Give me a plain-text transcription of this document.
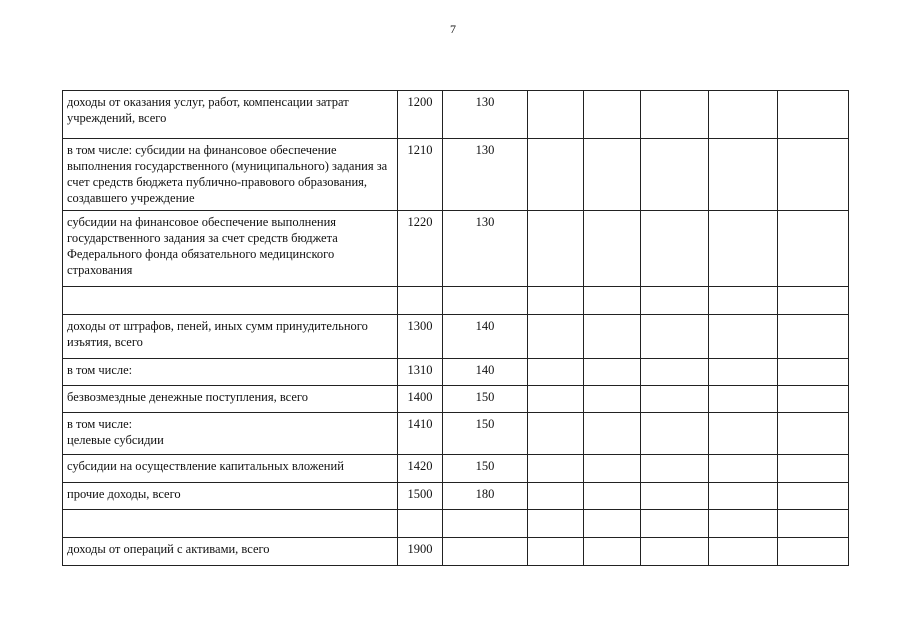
7
доходы от оказания услуг, работ, компенсации затрат учреждений, всего	1200	130					
в том числе: субсидии на финансовое обеспечение выполнения государственного (муниципального) задания за счет средств бюджета публично-правового образования, создавшего учреждение	1210	130					
субсидии на финансовое обеспечение выполнения государственного задания за счет средств бюджета Федерального фонда обязательного медицинского страхования	1220	130					

доходы от штрафов, пеней, иных сумм принудительного изъятия, всего	1300	140					
в том числе:	1310	140					
безвозмездные денежные поступления, всего	1400	150					
в том числе:
целевые субсидии	1410	150					
субсидии на осуществление капитальных вложений	1420	150					
прочие доходы, всего	1500	180					

доходы от операций с активами, всего	1900						
